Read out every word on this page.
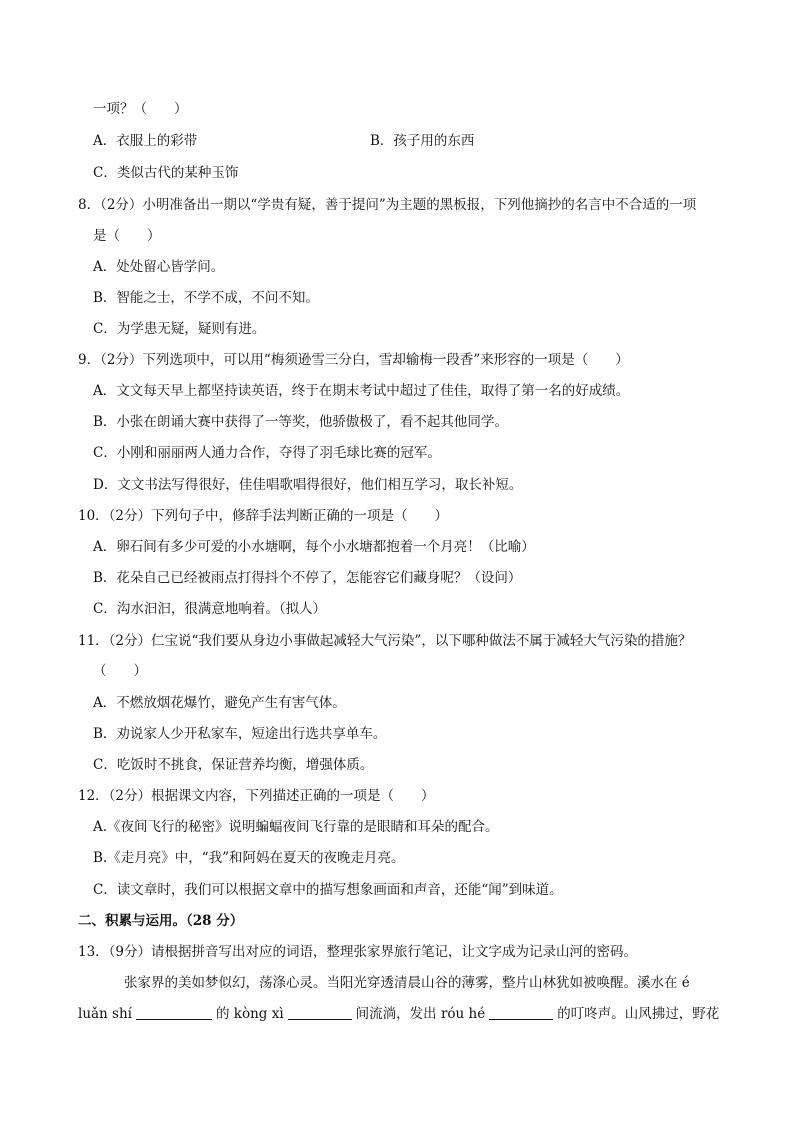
一项？（　　）
A．衣服上的彩带	B．孩子用的东西
C．类似古代的某种玉饰
8．（2分）小明准备出一期以“学贵有疑，善于提问”为主题的黑板报，下列他摘抄的名言中不合适的一项
是（　　）
A．处处留心皆学问。
B．智能之士，不学不成，不问不知。
C．为学患无疑，疑则有进。
9．（2分）下列选项中，可以用“梅须逊雪三分白，雪却输梅一段香”来形容的一项是（　　）
A．文文每天早上都坚持读英语，终于在期末考试中超过了佳佳，取得了第一名的好成绩。
B．小张在朗诵大赛中获得了一等奖，他骄傲极了，看不起其他同学。
C．小刚和丽丽两人通力合作，夺得了羽毛球比赛的冠军。
D．文文书法写得很好，佳佳唱歌唱得很好，他们相互学习，取长补短。
10．（2分）下列句子中，修辞手法判断正确的一项是（　　）
A．卵石间有多少可爱的小水塘啊，每个小水塘都抱着一个月亮！（比喻）
B．花朵自己已经被雨点打得抖个不停了，怎能容它们藏身呢？（设问）
C．沟水汩汩，很满意地响着。（拟人）
11．（2分）仁宝说“我们要从身边小事做起减轻大气污染”，以下哪种做法不属于减轻大气污染的措施？
（　　）
A．不燃放烟花爆竹，避免产生有害气体。
B．劝说家人少开私家车，短途出行选共享单车。
C．吃饭时不挑食，保证营养均衡，增强体质。
12．（2分）根据课文内容，下列描述正确的一项是（　　）
A.《夜间飞行的秘密》说明蝙蝠夜间飞行靠的是眼睛和耳朵的配合。
B.《走月亮》中，“我”和阿妈在夏天的夜晚走月亮。
C．读文章时，我们可以根据文章中的描写想象画面和声音，还能“闻”到味道。
二、积累与运用。（28 分）
13．（9分）请根据拼音写出对应的词语，整理张家界旅行笔记，让文字成为记录山河的密码。
张家界的美如梦似幻，荡涤心灵。当阳光穿透清晨山谷的薄雾，整片山林犹如被唤醒。溪水在 é
luǎn shí	的 kòng xì	间流淌，发出 róu hé	的叮咚声。山风拂过，野花
